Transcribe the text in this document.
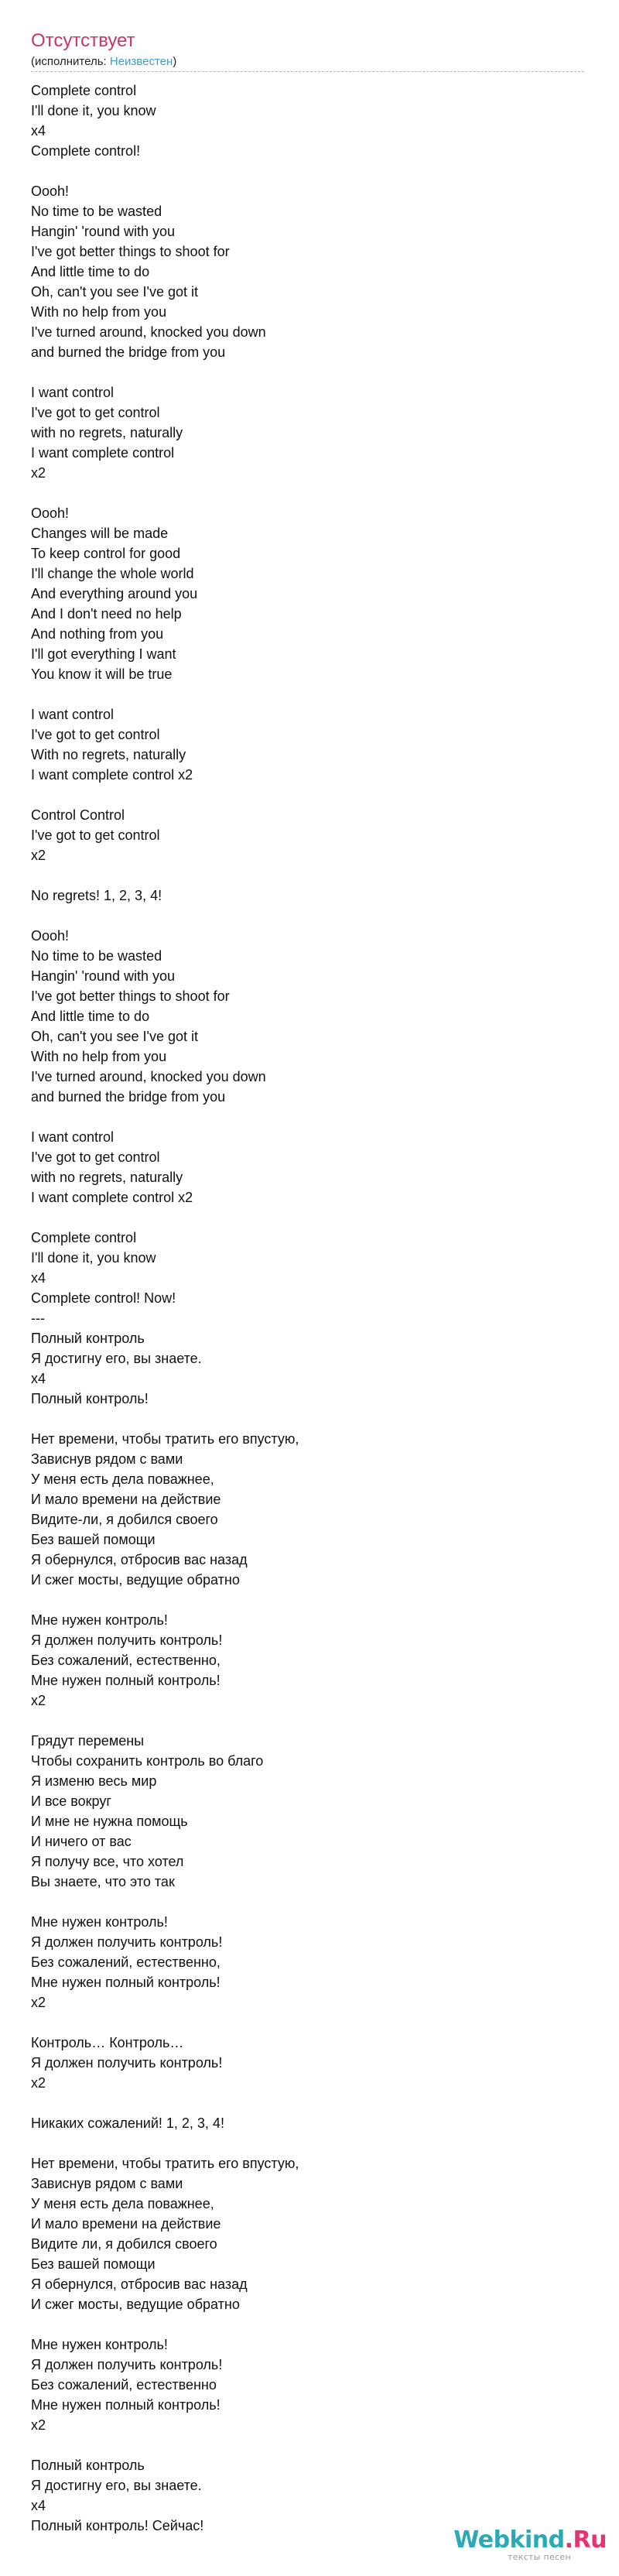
Отсутствует
(исполнитель: Неизвестен)
Complete control
I'll done it, you know
x4
Complete control!

Oooh!
No time to be wasted
Hangin' 'round with you
I've got better things to shoot for
And little time to do
Oh, can't you see I've got it
With no help from you
I've turned around, knocked you down
and burned the bridge from you

I want control
I've got to get control
with no regrets, naturally
I want complete control
x2

Oooh!
Changes will be made
To keep control for good
I'll change the whole world
And everything around you
And I don't need no help
And nothing from you
I'll got everything I want
You know it will be true

I want control
I've got to get control
With no regrets, naturally
I want complete control x2

Control Control
I've got to get control
x2

No regrets! 1, 2, 3, 4!

Oooh!
No time to be wasted
Hangin' 'round with you
I've got better things to shoot for
And little time to do
Oh, can't you see I've got it
With no help from you
I've turned around, knocked you down
and burned the bridge from you

I want control
I've got to get control
with no regrets, naturally
I want complete control x2

Complete control
I'll done it, you know
x4
Complete control! Now!
---
Полный контроль
Я достигну его, вы знаете.
x4
Полный контроль!

Нет времени, чтобы тратить его впустую,
Зависнув рядом с вами
У меня есть дела поважнее,
И мало времени на действие
Видите-ли, я добился своего
Без вашей помощи
Я обернулся, отбросив вас назад
И сжег мосты, ведущие обратно

Мне нужен контроль!
Я должен получить контроль!
Без сожалений, естественно,
Мне нужен полный контроль!
x2

Грядут перемены
Чтобы сохранить контроль во благо
Я изменю весь мир
И все вокруг
И мне не нужна помощь
И ничего от вас
Я получу все, что хотел
Вы знаете, что это так

Мне нужен контроль!
Я должен получить контроль!
Без сожалений, естественно,
Мне нужен полный контроль!
x2

Контроль… Контроль…
Я должен получить контроль!
x2

Никаких сожалений! 1, 2, 3, 4!

Нет времени, чтобы тратить его впустую,
Зависнув рядом с вами
У меня есть дела поважнее,
И мало времени на действие
Видите ли, я добился своего
Без вашей помощи
Я обернулся, отбросив вас назад
И сжег мосты, ведущие обратно

Мне нужен контроль!
Я должен получить контроль!
Без сожалений, естественно
Мне нужен полный контроль!
x2

Полный контроль
Я достигну его, вы знаете.
x4
Полный контроль! Сейчас!
Webkind.Ru
тексты песен
